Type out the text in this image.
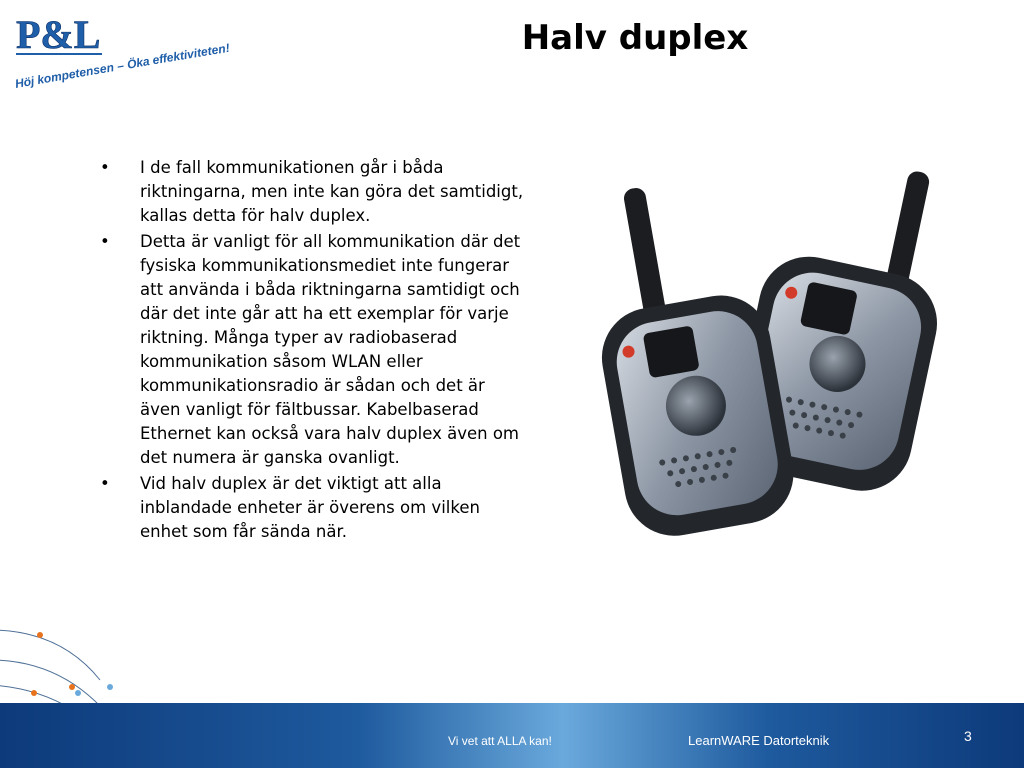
P&L
Höj kompetensen – Öka effektiviteten!	Halv duplex
•	I de fall kommunikationen går i båda riktningarna, men inte kan göra det samtidigt, kallas detta för halv duplex.
•	Detta är vanligt för all kommunikation där det fysiska kommunikationsmediet inte fungerar att använda i båda riktningarna samtidigt och där det inte går att ha ett exemplar för varje riktning. Många typer av radiobaserad kommunikation såsom WLAN eller kommunikationsradio är sådan och det är även vanligt för fältbussar. Kabelbaserad Ethernet kan också vara halv duplex även om det numera är ganska ovanligt.
•	Vid halv duplex är det viktigt att alla inblandade enheter är överens om vilken enhet som får sända när.
Vi vet att ALLA kan!	LearnWARE Datorteknik	3
